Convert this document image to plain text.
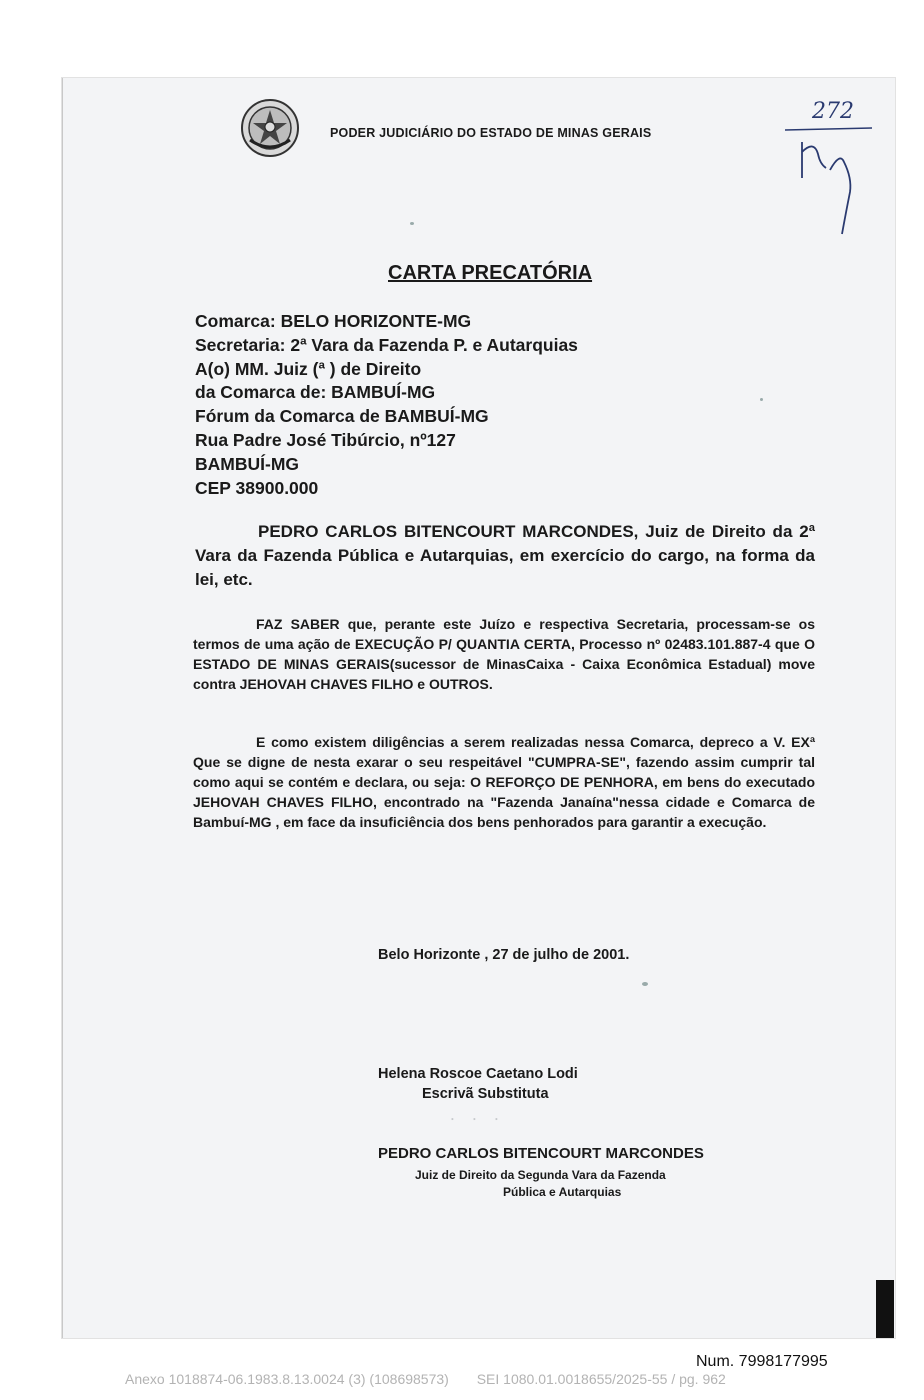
PODER JUDICIÁRIO DO ESTADO DE MINAS GERAIS
272
CARTA PRECATÓRIA
Comarca: BELO HORIZONTE-MG
Secretaria: 2ª Vara da Fazenda P. e Autarquias
A(o) MM. Juiz (ª ) de Direito
da Comarca de: BAMBUÍ-MG
Fórum da Comarca de BAMBUÍ-MG
Rua Padre José Tibúrcio, nº127
BAMBUÍ-MG
CEP 38900.000
PEDRO CARLOS BITENCOURT MARCONDES, Juiz de Direito da 2ª Vara da Fazenda Pública e Autarquias, em exercício do cargo, na forma da lei, etc.
FAZ SABER que, perante este Juízo e respectiva Secretaria, processam-se os termos de uma ação de EXECUÇÃO P/ QUANTIA CERTA, Processo nº 02483.101.887-4 que O ESTADO DE MINAS GERAIS(sucessor de MinasCaixa - Caixa Econômica Estadual) move contra JEHOVAH CHAVES FILHO e OUTROS.
E como existem diligências a serem realizadas nessa Comarca, depreco a V. EXª Que se digne de nesta exarar o seu respeitável "CUMPRA-SE", fazendo assim cumprir tal como aqui se contém e declara, ou seja: O REFORÇO DE PENHORA, em bens do executado JEHOVAH CHAVES FILHO, encontrado na "Fazenda Janaína"nessa cidade e Comarca de Bambuí-MG , em face da insuficiência dos bens penhorados para garantir a execução.
Belo Horizonte , 27 de julho de 2001.
Helena Roscoe Caetano Lodi
Escrivã Substituta
∙ ∙ ∙
PEDRO CARLOS BITENCOURT MARCONDES
Juiz de Direito da Segunda Vara da Fazenda
Pública e Autarquias
Num. 7998177995
Anexo 1018874-06.1983.8.13.0024 (3) (108698573) SEI 1080.01.0018655/2025-55 / pg. 962
